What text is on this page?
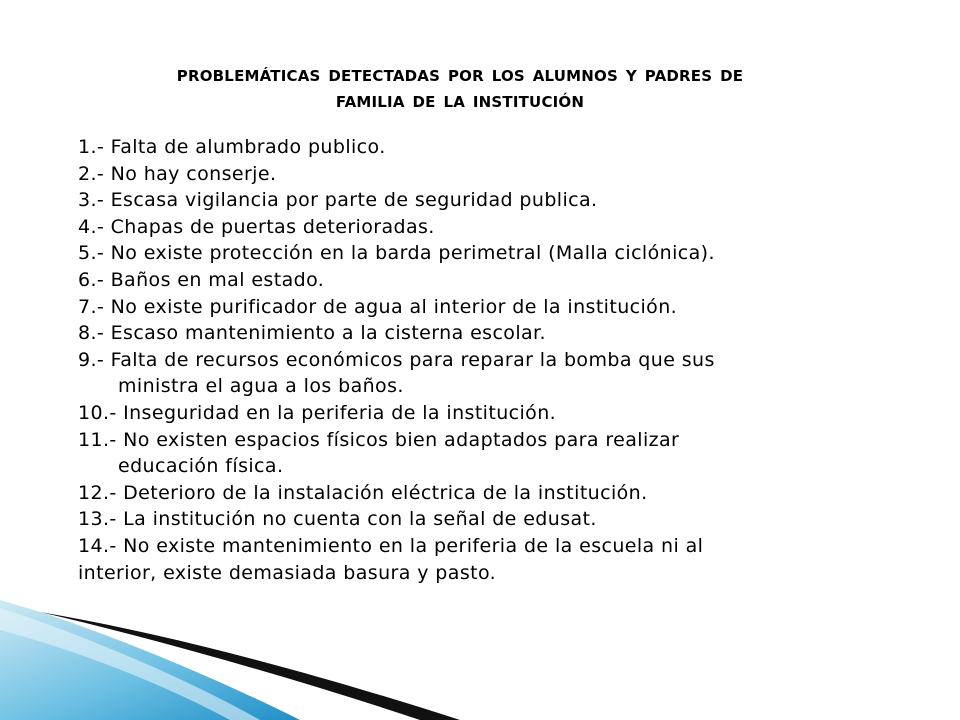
problemáticas detectadas por los alumnos y padres de
familia de la institución
1.- Falta de alumbrado publico.
2.- No hay conserje.
3.- Escasa vigilancia por parte de seguridad publica.
4.- Chapas de puertas deterioradas.
5.- No existe protección en la barda perimetral (Malla ciclónica).
6.- Baños en mal estado.
7.- No existe purificador de agua al interior de la institución.
8.- Escaso mantenimiento a la cisterna escolar.
9.- Falta de recursos económicos para reparar la bomba que sus
ministra el agua a los baños.
10.- Inseguridad en la periferia de la institución.
11.- No existen espacios físicos bien adaptados para realizar
educación física.
12.- Deterioro de la instalación eléctrica de la institución.
13.- La institución no cuenta con la señal de edusat.
14.- No existe mantenimiento en la periferia de la escuela ni al
interior, existe demasiada basura y pasto.
